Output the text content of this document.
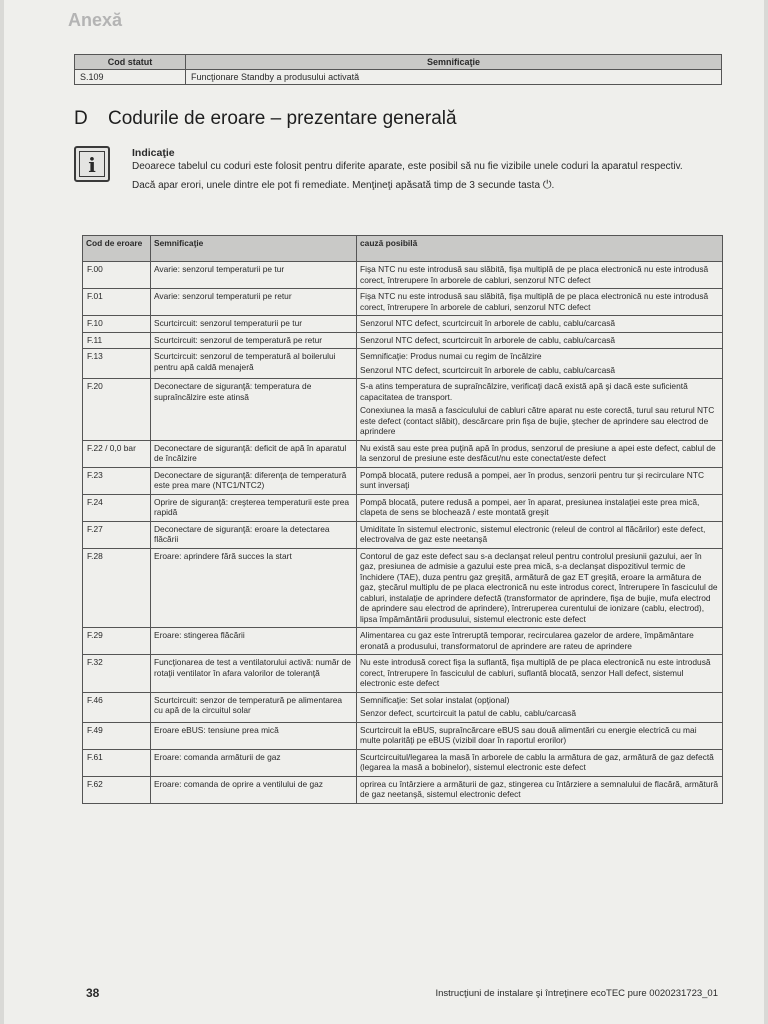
Anexă
Cod statut	Semnificaţie
S.109	Funcţionare Standby a produsului activată
D Codurile de eroare – prezentare generală
i	Indicaţie

Deoarece tabelul cu coduri este folosit pentru diferite aparate, este posibil să nu fie vizibile unele coduri la aparatul respectiv.

Dacă apar erori, unele dintre ele pot fi remediate. Menţineţi apăsată timp de 3 secunde tasta ⏻.

Cod de eroare	Semnificaţie	cauză posibilă
F.00	Avarie: senzorul temperaturii pe tur	Fişa NTC nu este introdusă sau slăbită, fişa multiplă de pe placa electronică nu este introdusă corect, întrerupere în arborele de cabluri, senzorul NTC defect
F.01	Avarie: senzorul temperaturii pe retur	Fişa NTC nu este introdusă sau slăbită, fişa multiplă de pe placa electronică nu este introdusă corect, întrerupere în arborele de cabluri, senzorul NTC defect
F.10	Scurtcircuit: senzorul temperaturii pe tur	Senzorul NTC defect, scurtcircuit în arborele de cablu, cablu/carcasă
F.11	Scurtcircuit: senzorul de temperatură pe retur	Senzorul NTC defect, scurtcircuit în arborele de cablu, cablu/carcasă
F.13	Scurtcircuit: senzorul de temperatură al boilerului pentru apă caldă menajeră	Semnificaţie: Produs numai cu regim de încălzire
Senzorul NTC defect, scurtcircuit în arborele de cablu, cablu/carcasă

F.20	Deconectare de siguranţă: temperatura de supraîncălzire este atinsă	S-a atins temperatura de supraîncălzire, verificaţi dacă există apă şi dacă este suficientă capacitatea de transport.
Conexiunea la masă a fasciculului de cabluri către aparat nu este corectă, turul sau returul NTC este defect (contact slăbit), descărcare prin fişa de bujie, ştecher de aprindere sau electrod de aprindere

F.22 / 0,0 bar	Deconectare de siguranţă: deficit de apă în aparatul de încălzire	Nu există sau este prea puţină apă în produs, senzorul de presiune a apei este defect, cablul de la senzorul de presiune este desfăcut/nu este conectat/este defect
F.23	Deconectare de siguranţă: diferenţa de temperatură este prea mare (NTC1/NTC2)	Pompă blocată, putere redusă a pompei, aer în produs, senzorii pentru tur şi recirculare NTC sunt inversaţi
F.24	Oprire de siguranţă: creşterea temperaturii este prea rapidă	Pompă blocată, putere redusă a pompei, aer în aparat, presiunea instalaţiei este prea mică, clapeta de sens se blochează / este montată greşit
F.27	Deconectare de siguranţă: eroare la detectarea flăcării	Umiditate în sistemul electronic, sistemul electronic (releul de control al flăcărilor) este defect, electrovalva de gaz este neetanşă
F.28	Eroare: aprindere fără succes la start	Contorul de gaz este defect sau s-a declanşat releul pentru controlul presiunii gazului, aer în gaz, presiunea de admisie a gazului este prea mică, s-a declanşat dispozitivul termic de închidere (TAE), duza pentru gaz greşită, armătură de gaz ET greşită, eroare la armătura de gaz, ştecărul multiplu de pe placa electronică nu este introdus corect, întrerupere în fasciculul de cabluri, instalaţie de aprindere defectă (transformator de aprindere, fişa de bujie, mufa electrod de aprindere sau electrod de aprindere), întreruperea curentului de ionizare (cablu, electrod), lipsa împământării produsului, sistemul electronic este defect
F.29	Eroare: stingerea flăcării	Alimentarea cu gaz este întreruptă temporar, recircularea gazelor de ardere, împământare eronată a produsului, transformatorul de aprindere are rateu de aprindere
F.32	Funcţionarea de test a ventilatorului activă: număr de rotaţii ventilator în afara valorilor de toleranţă	Nu este introdusă corect fişa la suflantă, fişa multiplă de pe placa electronică nu este introdusă corect, întrerupere în fasciculul de cabluri, suflantă blocată, senzor Hall defect, sistemul electronic este defect
F.46	Scurtcircuit: senzor de temperatură pe alimentarea cu apă de la circuitul solar	Semnificaţie: Set solar instalat (opţional)
Senzor defect, scurtcircuit la patul de cablu, cablu/carcasă

F.49	Eroare eBUS: tensiune prea mică	Scurtcircuit la eBUS, supraîncărcare eBUS sau două alimentări cu energie electrică cu mai multe polarităţi pe eBUS (vizibil doar în raportul erorilor)
F.61	Eroare: comanda armăturii de gaz	Scurtcircuitul/legarea la masă în arborele de cablu la armătura de gaz, armătură de gaz defectă (legarea la masă a bobinelor), sistemul electronic este defect
F.62	Eroare: comanda de oprire a ventilului de gaz	oprirea cu întârziere a armăturii de gaz, stingerea cu întârziere a semnalului de flacără, armătură de gaz neetanşă, sistemul electronic defect
38	Instrucţiuni de instalare şi întreţinere ecoTEC pure 0020231723_01
